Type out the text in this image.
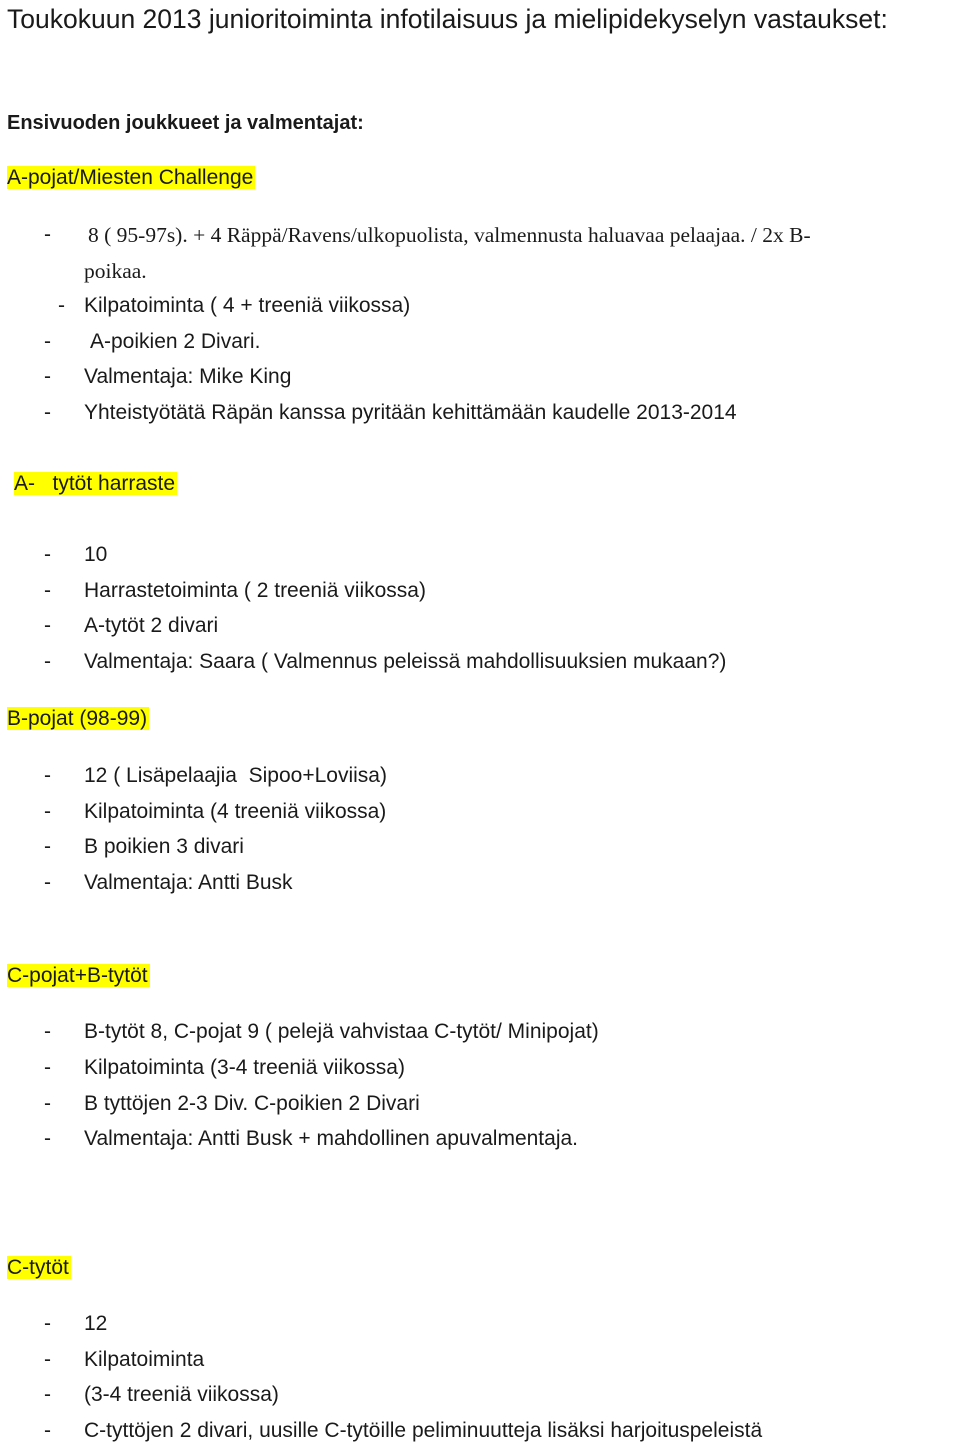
Toukokuun 2013 junioritoiminta infotilaisuus ja mielipidekyselyn vastaukset:
Ensivuoden joukkueet ja valmentajat:
A-pojat/Miesten Challenge
- 8 ( 95-97s). + 4 Räppä/Ravens/ulkopuolista, valmennusta haluavaa pelaajaa. / 2x B-
poikaa.
- Kilpatoiminta ( 4 + treeniä viikossa)
- A-poikien 2 Divari.
- Valmentaja: Mike King
- Yhteistyötätä Räpän kanssa pyritään kehittämään kaudelle 2013-2014
A-   tytöt harraste
- 10
- Harrastetoiminta ( 2 treeniä viikossa)
- A-tytöt 2 divari
- Valmentaja: Saara ( Valmennus peleissä mahdollisuuksien mukaan?)
B-pojat (98-99)
- 12 ( Lisäpelaajia  Sipoo+Loviisa)
- Kilpatoiminta (4 treeniä viikossa)
- B poikien 3 divari
- Valmentaja: Antti Busk
C-pojat+B-tytöt
- B-tytöt 8, C-pojat 9 ( pelejä vahvistaa C-tytöt/ Minipojat)
- Kilpatoiminta (3-4 treeniä viikossa)
- B tyttöjen 2-3 Div. C-poikien 2 Divari
- Valmentaja: Antti Busk + mahdollinen apuvalmentaja.
C-tytöt
- 12
- Kilpatoiminta
- (3-4 treeniä viikossa)
- C-tyttöjen 2 divari, uusille C-tytöille peliminuutteja lisäksi harjoituspeleistä
